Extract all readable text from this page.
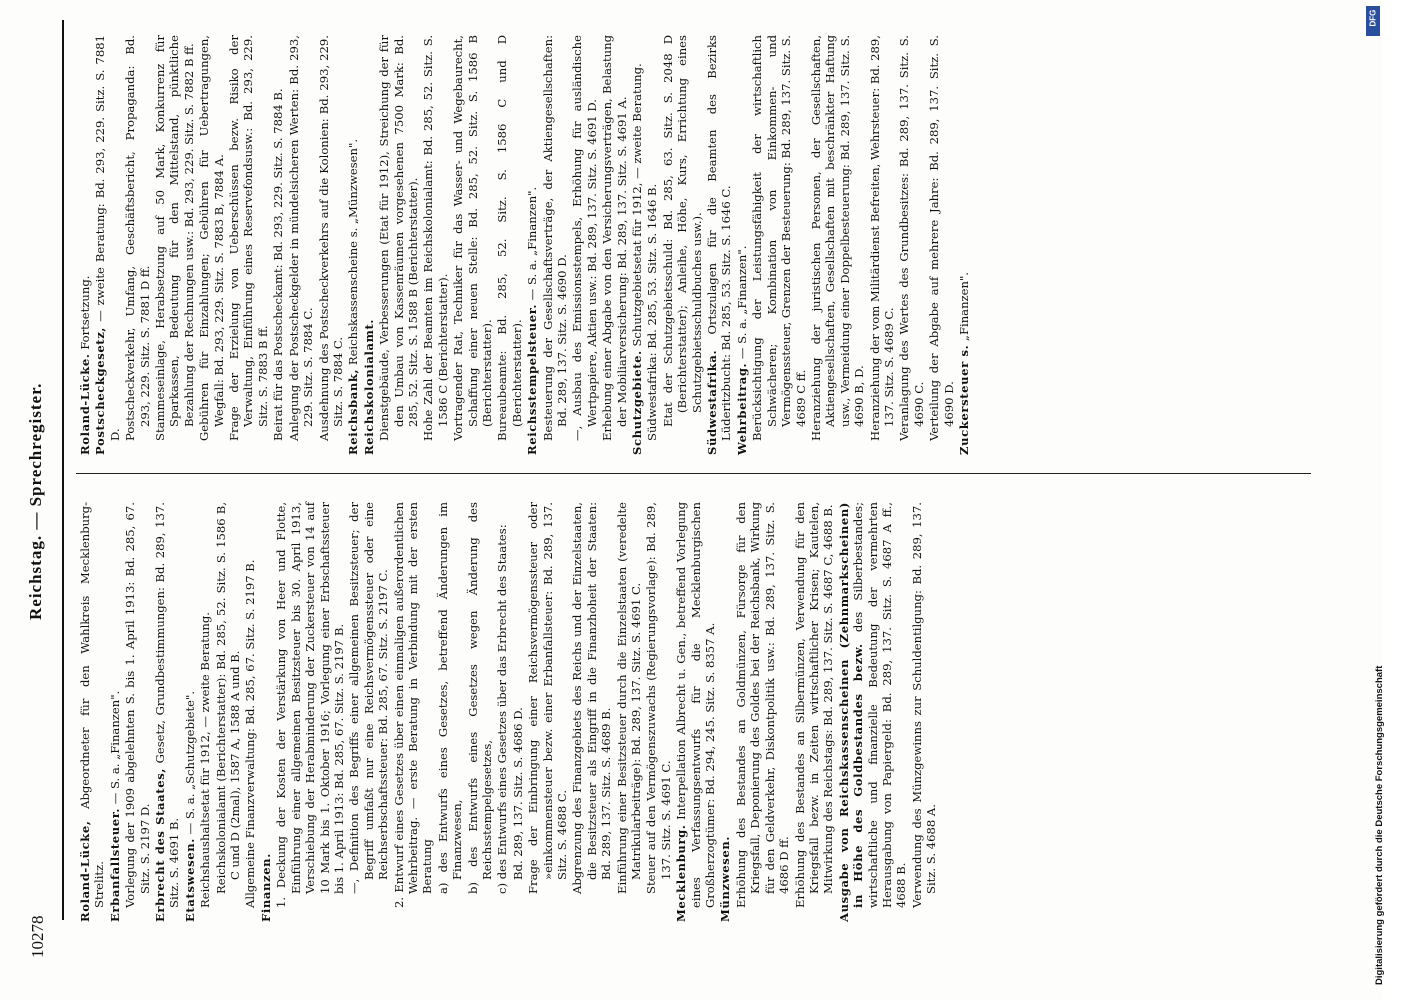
10278
Reichstag. — Sprechregister.
Roland-Lücke, Abgeordneter für den Wahlkreis Mecklenburg-Strelitz. Erbanfallsteuer. — S. a. „Finanzen". Vorlegung der 1909 abgelehnten S. bis 1. April 1913: Bd. 285, 67. Sitz. S. 2197 D. Erbrecht des Staates, Gesetz, Grundbestimmungen: Bd. 289, 137. Sitz. S. 4691 B. Etatswesen. — S. a. „Schutzgebiete". Reichshaushaltsetat für 1912, — zweite Beratung. Reichskolonialamt (Berichterstatter): Bd. 285, 52. Sitz. S. 1586 B, C und D (2mal), 1587 A, 1588 A und B. Allgemeine Finanzverwaltung: Bd. 285, 67. Sitz. S. 2197 B. Finanzen. 1. Deckung der Kosten der Verstärkung von Heer und Flotte, Einführung einer allgemeinen Besitzsteuer bis 30. April 1913, Verschiebung der Herabminderung der Zuckersteuer von 14 auf 10 Mark bis 1. Oktober 1916; Vorlegung einer Erbschaftssteuer bis 1. April 1913: Bd. 285, 67. Sitz. S. 2197 B. —, Definition des Begriffs einer allgemeinen Besitzsteuer; der Begriff umfaßt nur eine Reichsvermögenssteuer oder eine Reichserbschaftssteuer: Bd. 285, 67. Sitz. S. 2197 C. 2. Entwurf eines Gesetzes über einen einmaligen außerordentlichen Wehrbeitrag. — erste Beratung in Verbindung mit der ersten Beratung a) des Entwurfs eines Gesetzes, betreffend Änderungen im Finanzwesen, b) des Entwurfs eines Gesetzes wegen Änderung des Reichsstempelgesetzes, c) des Entwurfs eines Gesetzes über das Erbrecht des Staates: Bd. 289, 137. Sitz. S. 4686 D. Frage der Einbringung einer Reichsvermögenssteuer oder »einkommensteuer bezw. einer Erbanfallsteuer: Bd. 289, 137. Sitz. S. 4688 C. Abgrenzung des Finanzgebiets des Reichs und der Einzelstaaten, die Besitzsteuer als Eingriff in die Finanzhoheit der Staaten: Bd. 289, 137. Sitz. S. 4689 B. Einführung einer Besitzsteuer durch die Einzelstaaten (veredelte Matrikularbeiträge): Bd. 289, 137. Sitz. S. 4691 C. Steuer auf den Vermögenszuwachs (Regierungsvorlage): Bd. 289, 137. Sitz. S. 4691 C. Mecklenburg. Interpellation Albrecht u. Gen., betreffend Vorlegung eines Verfassungsentwurfs für die Mecklenburgischen Großherzogtümer: Bd. 294, 245. Sitz. S. 8357 A. Münzwesen. Erhöhung des Bestandes an Goldmünzen, Fürsorge für den Kriegsfall, Deponierung des Goldes bei der Reichsbank, Wirkung für den Geldverkehr, Diskontpolitik usw.: Bd. 289, 137. Sitz. S. 4686 D ff. Erhöhung des Bestandes an Silbermünzen, Verwendung für den Kriegsfall bezw. in Zeiten wirtschaftlicher Krisen; Kautelen, Mitwirkung des Reichstags: Bd. 289, 137. Sitz. S. 4687 C, 4688 B. Ausgabe von Reichskassenscheinen (Zehnmarkscheinen) in Höhe des Goldbestandes bezw. des Silberbestandes; wirtschaftliche und finanzielle Bedeutung der vermehrten Herausgabung von Papiergeld: Bd. 289, 137. Sitz. S. 4687 A ff., 4688 B. Verwendung des Münzgewinns zur Schuldentilgung: Bd. 289, 137. Sitz. S. 4688 A.
Roland-Lücke. Fortsetzung.
Postscheckgesetz, — zweite Beratung: Bd. 293, 229. Sitz. S. 7881 D. Postscheckverkehr, Umfang, Geschäftsbericht, Propaganda: Bd. 293, 229. Sitz. S. 7881 D ff. Stammeseinlage, Herabsetzung auf 50 Mark, Konkurrenz für Sparkassen, Bedeutung für den Mittelstand, pünktliche Bezahlung der Rechnungen usw.: Bd. 293, 229. Sitz. S. 7882 B ff. Gebühren für Einzahlungen; Gebühren für Uebertragungen, Wegfall: Bd. 293, 229. Sitz. S. 7883 B, 7884 A. Frage der Erzielung von Ueberschüssen bezw. Risiko der Verwaltung, Einführung eines Reservefondsusw.: Bd. 293, 229. Sitz. S. 7883 B ff. Beirat für das Postscheckamt: Bd. 293, 229. Sitz. S. 7884 B. Anlegung der Postscheckgelder in mündelsicheren Werten: Bd. 293, 229. Sitz. S. 7884 C. Ausdehnung des Postscheckverkehrs auf die Kolonien: Bd. 293, 229. Sitz. S. 7884 C. Reichsbank, Reichskassenscheine s. „Münzwesen".
Reichskolonialamt. Dienstgebäude, Verbesserungen (Etat für 1912), Streichung der für den Umbau von Kassenräumen vorgesehenen 7500 Mark: Bd. 285, 52. Sitz. S. 1588 B (Berichterstatter). Hohe Zahl der Beamten im Reichskolonialamt: Bd. 285, 52. Sitz. S. 1586 C (Berichterstatter). Vortragender Rat, Techniker für das Wasser- und Wegebaurecht, Schaffung einer neuen Stelle: Bd. 285, 52. Sitz. S. 1586 B (Berichterstatter). Bureaubeamte: Bd. 285, 52. Sitz. S. 1586 C und D (Berichterstatter). Reichsstempelsteuer. — S. a. „Finanzen". Besteuerung der Gesellschaftsverträge, der Aktiengesellschaften: Bd. 289, 137. Sitz. S. 4690 D. —, Ausbau des Emissionsstempels, Erhöhung für ausländische Wertpapiere, Aktien usw.: Bd. 289, 137. Sitz. S. 4691 D. Erhebung einer Abgabe von den Versicherungsverträgen, Belastung der Mobiliarversicherung: Bd. 289, 137. Sitz. S. 4691 A. Schutzgebiete. Schutzgebietsetat für 1912, — zweite Beratung. Südwestafrika: Bd. 285, 53. Sitz. S. 1646 B. Etat der Schutzgebietsschuld: Bd. 285, 63. Sitz. S. 2048 D (Berichterstatter); Anleihe, Höhe, Kurs, Errichtung eines Schutzgebietsschuldbuches usw.). Südwestafrika. Ortszulagen für die Beamten des Bezirks Lüderitzbucht: Bd. 285, 53. Sitz. S. 1646 C. Wehrbeitrag. — S. a. „Finanzen". Berücksichtigung der Leistungsfähigkeit der wirtschaftlich Schwächeren; Kombination von Einkommen- und Vermögenssteuer, Grenzen der Besteuerung: Bd. 289, 137. Sitz. S. 4689 C ff. Heranziehung der juristischen Personen, der Gesellschaften, Aktiengesellschaften, Gesellschaften mit beschränkter Haftung usw., Vermeidung einer Doppelbesteuerung: Bd. 289, 137. Sitz. S. 4690 B, D. Heranziehung der vom Militärdienst Befreiten, Wehrsteuer: Bd. 289, 137. Sitz. S. 4689 C. Veranlagung des Wertes des Grundbesitzes: Bd. 289, 137. Sitz. S. 4690 C. Verteilung der Abgabe auf mehrere Jahre: Bd. 289, 137. Sitz. S. 4690 D. Zuckersteuer s. „Finanzen".
Digitalisierung gefördert durch die Deutsche Forschungsgemeinschaft
DFG
